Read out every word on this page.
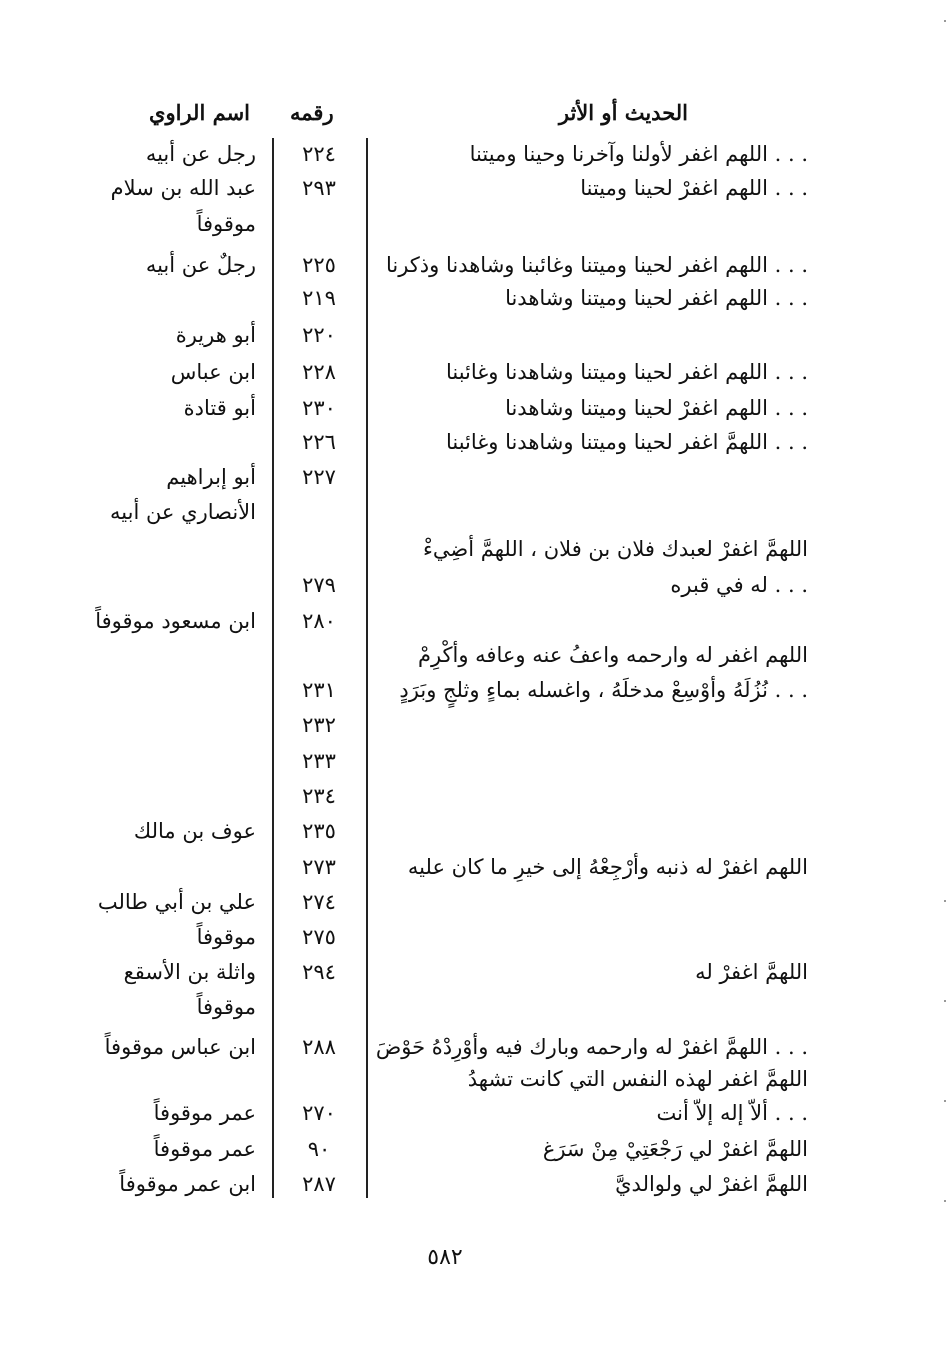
الحديث أو الأثر
رقمه
اسم الراوي
اللهم اغفر لأولنا وآخرنا وحينا وميتنا . . .
اللهم اغفرْ لحينا وميتنا . . .
اللهم اغفر لحينا وميتنا وغائبنا وشاهدنا وذكرنا . . .
اللهم اغفر لحينا وميتنا وشاهدنا . . .
اللهم اغفر لحينا وميتنا وشاهدنا وغائبنا . . .
اللهم اغفرْ لحينا وميتنا وشاهدنا . . .
اللهمَّ اغفر لحينا وميتنا وشاهدنا وغائبنا . . .
اللهمَّ اغفرْ لعبدك فلان بن فلان ، اللهمَّ أضِيءْ
له في قبره . . .
اللهم اغفر له وارحمه واعفُ عنه وعافه وأكْرِمْ
نُزُلَهُ وأوْسِعْ مدخلَهُ ، واغسله بماءٍ وثلجٍ وبَرَدٍ . . .
اللهم اغفرْ له ذنبه وأرْجِعْهُ إلى خيرِ ما كان عليه
اللهمَّ اغفرْ له
اللهمَّ اغفرْ له وارحمه وبارك فيه وأوْرِدْهُ حَوْضَ . . .
اللهمَّ اغفر لهذه النفس التي كانت تشهدُ
ألاّ إله إلاّ أنت . . .
اللهمَّ اغفرْ لي رَجْعَتِيْ مِنْ سَرَغ
اللهمَّ اغفرْ لي ولوالديَّ
٢٢٤
٢٩٣
٢٢٥
٢١٩
٢٢٠
٢٢٨
٢٣٠
٢٢٦
٢٢٧
٢٧٩
٢٨٠
٢٣١
٢٣٢
٢٣٣
٢٣٤
٢٣٥
٢٧٣
٢٧٤
٢٧٥
٢٩٤
٢٨٨
٢٧٠
٩٠
٢٨٧
رجل عن أبيه
عبد الله بن سلام
موقوفاً
رجلٌ عن أبيه
أبو هريرة
ابن عباس
أبو قتادة
أبو إبراهيم
الأنصاري عن أبيه
ابن مسعود موقوفاً
عوف بن مالك
علي بن أبي طالب
موقوفاً
واثلة بن الأسقع
موقوفاً
ابن عباس موقوفاً
عمر موقوفاً
عمر موقوفاً
ابن عمر موقوفاً
٥٨٢
